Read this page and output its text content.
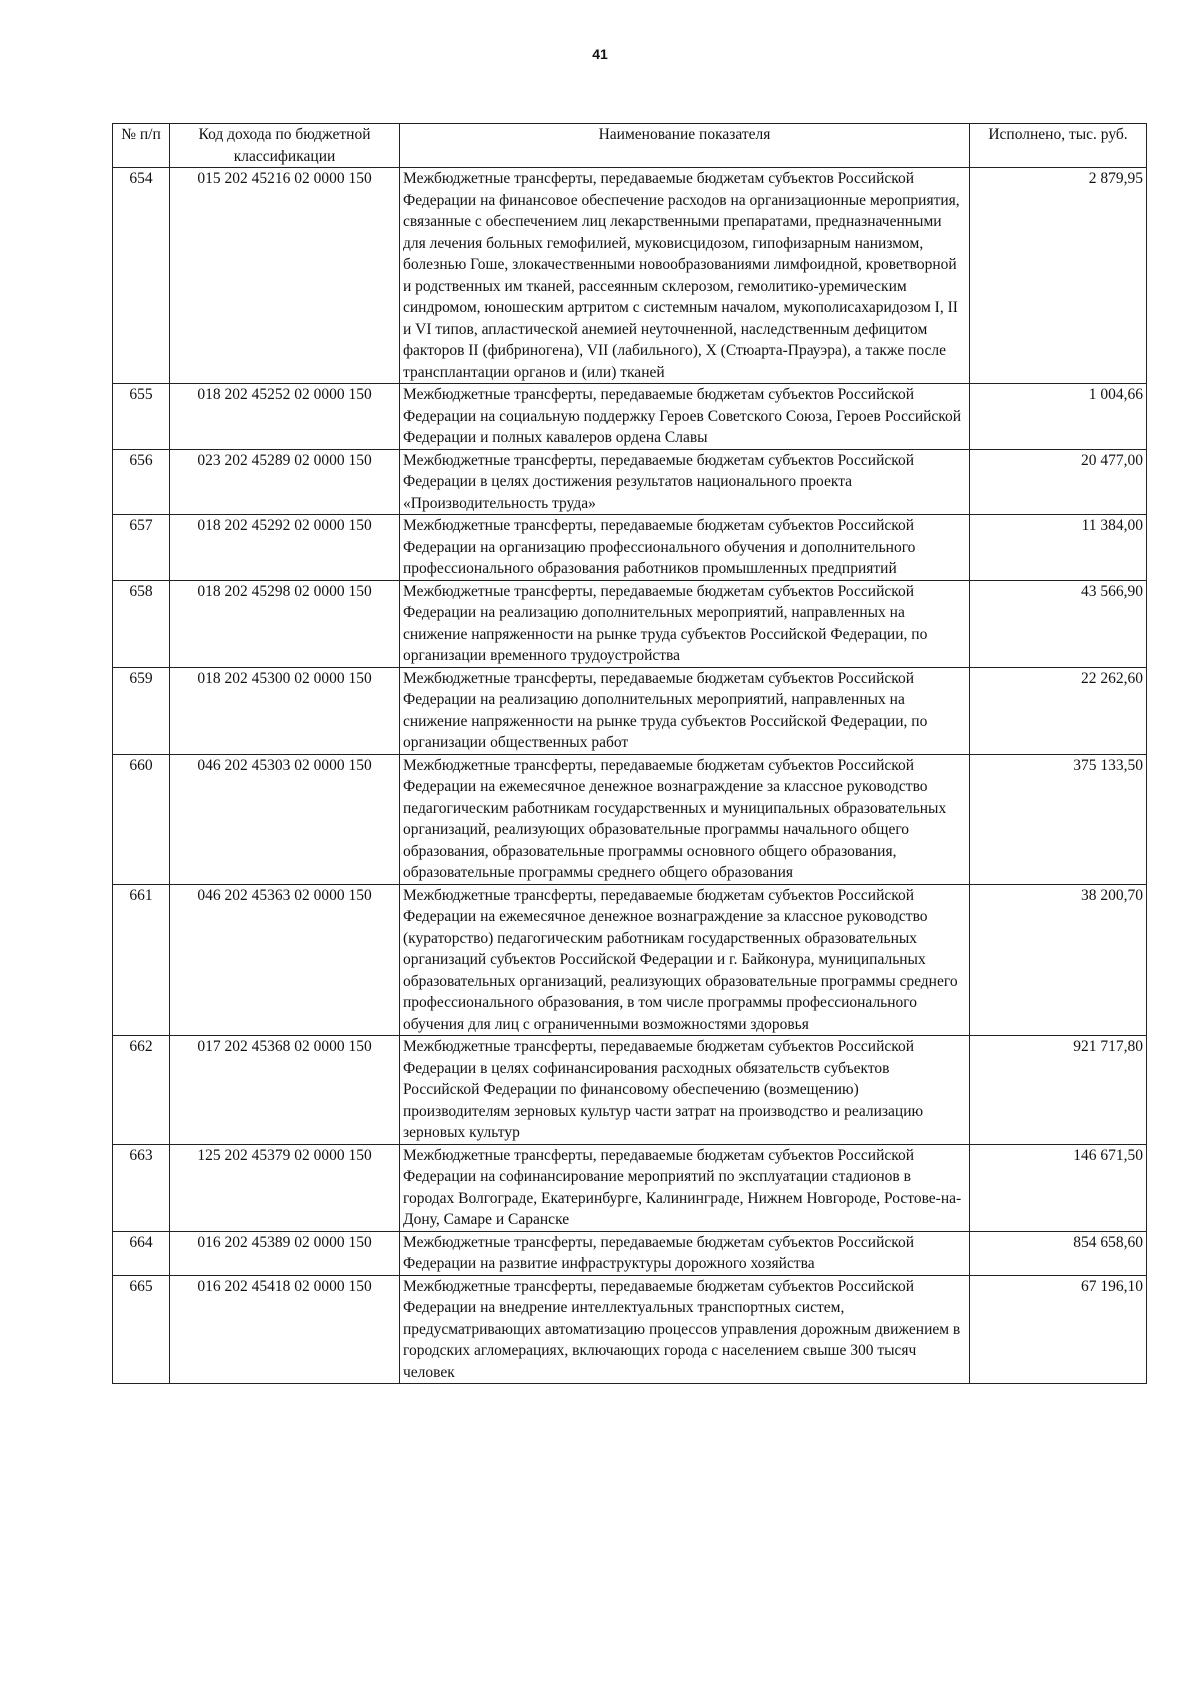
41
№ п/п	Код дохода по бюджетной классификации	Наименование показателя	Исполнено, тыс. руб.
654	015 202 45216 02 0000 150	Межбюджетные трансферты, передаваемые бюджетам субъектов Российской Федерации на финансовое обеспечение расходов на организационные мероприятия, связанные с обеспечением лиц лекарственными препаратами, предназначенными для лечения больных гемофилией, муковисцидозом, гипофизарным нанизмом, болезнью Гоше, злокачественными новообразованиями лимфоидной, кроветворной и родственных им тканей, рассеянным склерозом, гемолитико-уремическим синдромом, юношеским артритом с системным началом, мукополисахаридозом I, II и VI типов, апластической анемией неуточненной, наследственным дефицитом факторов II (фибриногена), VII (лабильного), X (Стюарта-Прауэра), а также после трансплантации органов и (или) тканей	2 879,95
655	018 202 45252 02 0000 150	Межбюджетные трансферты, передаваемые бюджетам субъектов Российской Федерации на социальную поддержку Героев Советского Союза, Героев Российской Федерации и полных кавалеров ордена Славы	1 004,66
656	023 202 45289 02 0000 150	Межбюджетные трансферты, передаваемые бюджетам субъектов Российской Федерации в целях достижения результатов национального проекта «Производительность труда»	20 477,00
657	018 202 45292 02 0000 150	Межбюджетные трансферты, передаваемые бюджетам субъектов Российской Федерации на организацию профессионального обучения и дополнительного профессионального образования работников промышленных предприятий	11 384,00
658	018 202 45298 02 0000 150	Межбюджетные трансферты, передаваемые бюджетам субъектов Российской Федерации на реализацию дополнительных мероприятий, направленных на снижение напряженности на рынке труда субъектов Российской Федерации, по организации временного трудоустройства	43 566,90
659	018 202 45300 02 0000 150	Межбюджетные трансферты, передаваемые бюджетам субъектов Российской Федерации на реализацию дополнительных мероприятий, направленных на снижение напряженности на рынке труда субъектов Российской Федерации, по организации общественных работ	22 262,60
660	046 202 45303 02 0000 150	Межбюджетные трансферты, передаваемые бюджетам субъектов Российской Федерации на ежемесячное денежное вознаграждение за классное руководство педагогическим работникам государственных и муниципальных образовательных организаций, реализующих образовательные программы начального общего образования, образовательные программы основного общего образования, образовательные программы среднего общего образования	375 133,50
661	046 202 45363 02 0000 150	Межбюджетные трансферты, передаваемые бюджетам субъектов Российской Федерации на ежемесячное денежное вознаграждение за классное руководство (кураторство) педагогическим работникам государственных образовательных организаций субъектов Российской Федерации и г. Байконура, муниципальных образовательных организаций, реализующих образовательные программы среднего профессионального образования, в том числе программы профессионального обучения для лиц с ограниченными возможностями здоровья	38 200,70
662	017 202 45368 02 0000 150	Межбюджетные трансферты, передаваемые бюджетам субъектов Российской Федерации в целях софинансирования расходных обязательств субъектов Российской Федерации по финансовому обеспечению (возмещению) производителям зерновых культур части затрат на производство и реализацию зерновых культур	921 717,80
663	125 202 45379 02 0000 150	Межбюджетные трансферты, передаваемые бюджетам субъектов Российской Федерации на софинансирование мероприятий по эксплуатации стадионов в городах Волгограде, Екатеринбурге, Калининграде, Нижнем Новгороде, Ростове-на-Дону, Самаре и Саранске	146 671,50
664	016 202 45389 02 0000 150	Межбюджетные трансферты, передаваемые бюджетам субъектов Российской Федерации на развитие инфраструктуры дорожного хозяйства	854 658,60
665	016 202 45418 02 0000 150	Межбюджетные трансферты, передаваемые бюджетам субъектов Российской Федерации на внедрение интеллектуальных транспортных систем, предусматривающих автоматизацию процессов управления дорожным движением в городских агломерациях, включающих города с населением свыше 300 тысяч человек	67 196,10
